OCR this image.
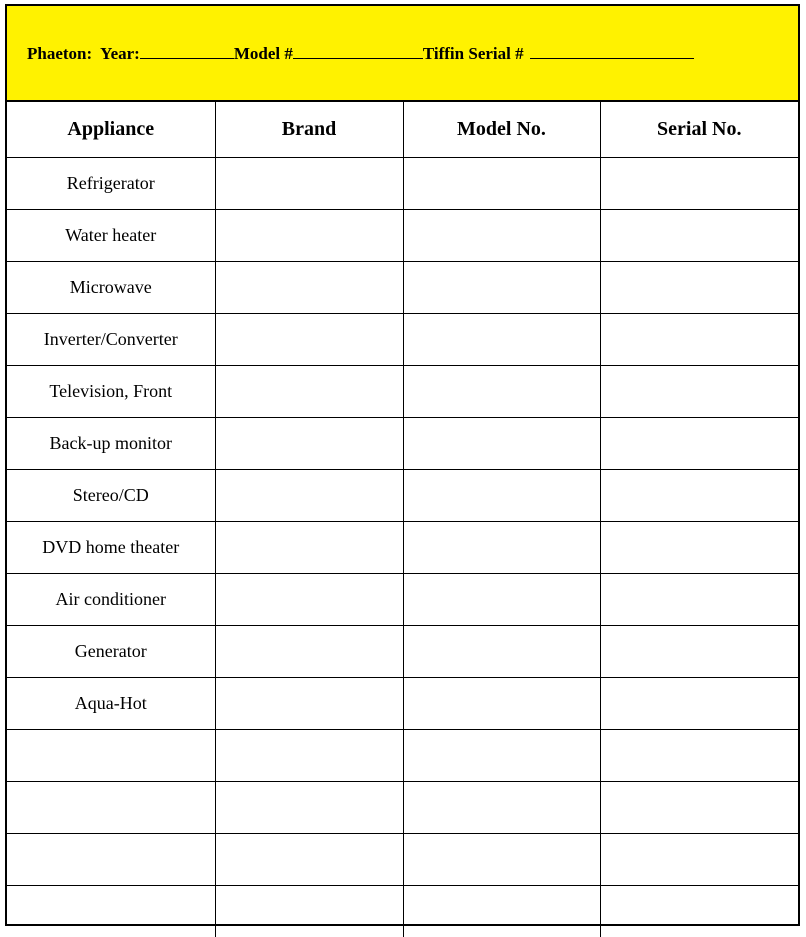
Phaeton: Year:	Model #	Tiffin Serial #
Appliance	Brand	Model No.	Serial No.
Refrigerator			
Water heater			
Microwave			
Inverter/Converter			
Television, Front			
Back-up monitor			
Stereo/CD			
DVD home theater			
Air conditioner			
Generator			
Aqua-Hot			
